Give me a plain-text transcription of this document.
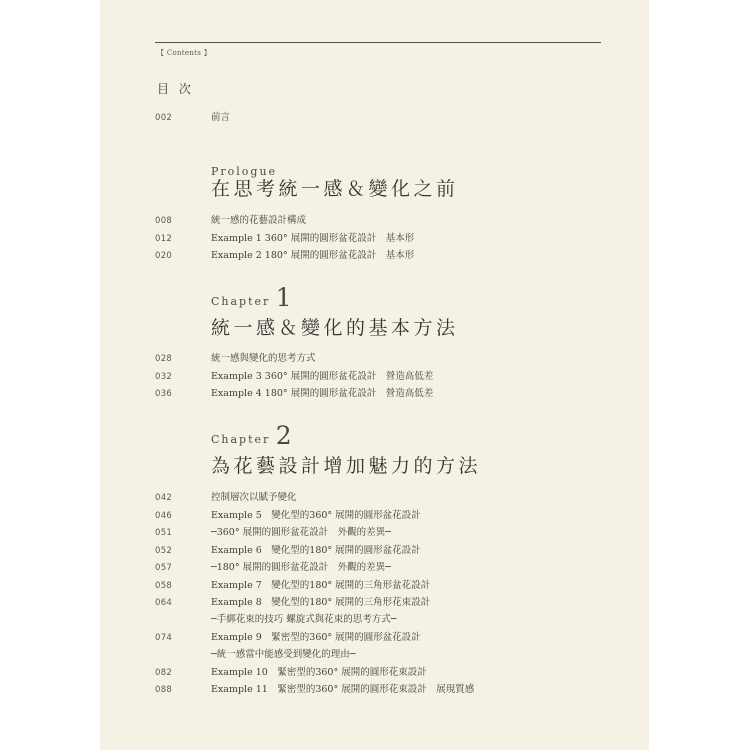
【 Contents 】
目 次
002	前言
Prologue
在思考統一感＆變化之前
008	統一感的花藝設計構成
012	Example 1 360° 展開的圓形盆花設計　基本形
020	Example 2 180° 展開的圓形盆花設計　基本形
Chapter 1
統一感＆變化的基本方法
028	統一感與變化的思考方式
032	Example 3 360° 展開的圓形盆花設計　營造高低差
036	Example 4 180° 展開的圓形盆花設計　營造高低差
Chapter 2
為花藝設計增加魅力的方法
042	控制層次以賦予變化
046	Example 5　變化型的360° 展開的圓形盆花設計
051	─360° 展開的圓形盆花設計　外觀的差異─
052	Example 6　變化型的180° 展開的圓形盆花設計
057	─180° 展開的圓形盆花設計　外觀的差異─
058	Example 7　變化型的180° 展開的三角形盆花設計
064	Example 8　變化型的180° 展開的三角形花束設計
─手綁花束的技巧 螺旋式與花束的思考方式─
074	Example 9　緊密型的360° 展開的圓形盆花設計
─統一感當中能感受到變化的理由─
082	Example 10　緊密型的360° 展開的圓形花束設計
088	Example 11　緊密型的360° 展開的圓形花束設計　展現質感
